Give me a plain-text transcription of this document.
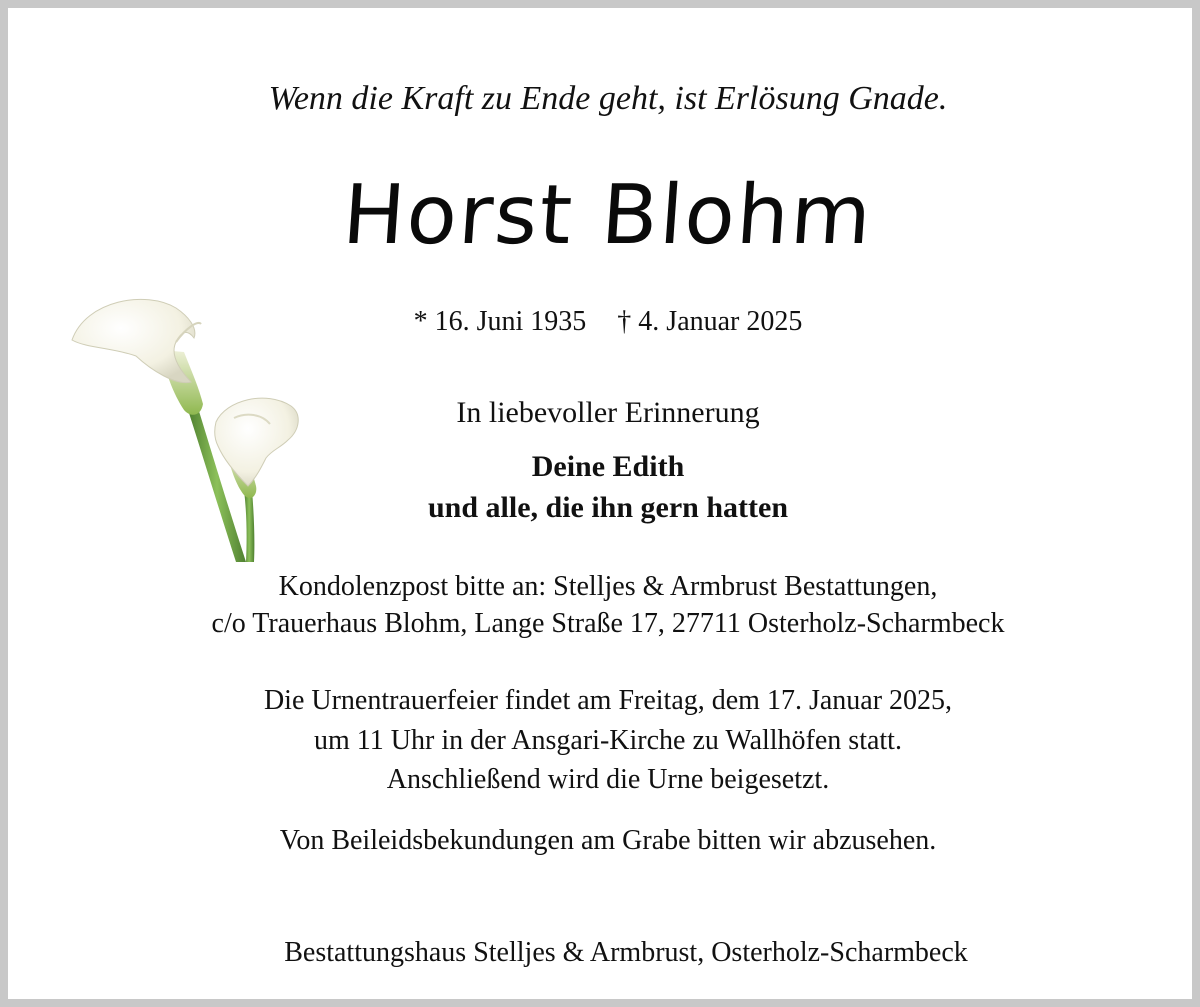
Wenn die Kraft zu Ende geht, ist Erlösung Gnade.
Horst Blohm
* 16. Juni 1935 † 4. Januar 2025
In liebevoller Erinnerung
Deine Edith
und alle, die ihn gern hatten
Kondolenzpost bitte an: Stelljes & Armbrust Bestattungen,
c/o Trauerhaus Blohm, Lange Straße 17, 27711 Osterholz-Scharmbeck
Die Urnentrauerfeier findet am Freitag, dem 17. Januar 2025,
um 11 Uhr in der Ansgari-Kirche zu Wallhöfen statt.
Anschließend wird die Urne beigesetzt.
Von Beileidsbekundungen am Grabe bitten wir abzusehen.
Bestattungshaus Stelljes & Armbrust, Osterholz-Scharmbeck
